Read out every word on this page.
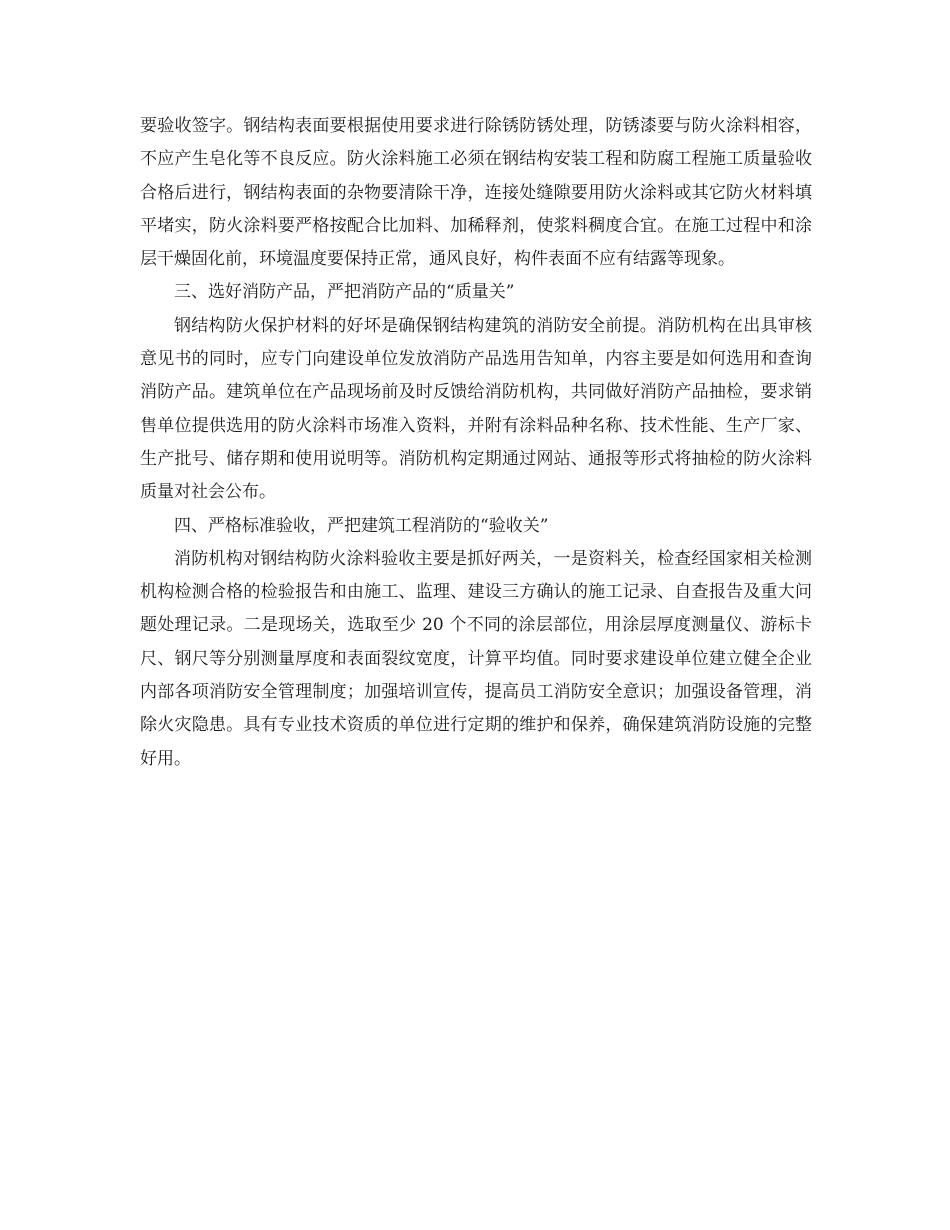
要验收签字。钢结构表面要根据使用要求进行除锈防锈处理，防锈漆要与防火涂料相容，不应产生皂化等不良反应。防火涂料施工必须在钢结构安装工程和防腐工程施工质量验收合格后进行，钢结构表面的杂物要清除干净，连接处缝隙要用防火涂料或其它防火材料填平堵实，防火涂料要严格按配合比加料、加稀释剂，使浆料稠度合宜。在施工过程中和涂层干燥固化前，环境温度要保持正常，通风良好，构件表面不应有结露等现象。

三、选好消防产品，严把消防产品的“质量关”

钢结构防火保护材料的好坏是确保钢结构建筑的消防安全前提。消防机构在出具审核意见书的同时，应专门向建设单位发放消防产品选用告知单，内容主要是如何选用和查询消防产品。建筑单位在产品现场前及时反馈给消防机构，共同做好消防产品抽检，要求销售单位提供选用的防火涂料市场准入资料，并附有涂料品种名称、技术性能、生产厂家、生产批号、储存期和使用说明等。消防机构定期通过网站、通报等形式将抽检的防火涂料质量对社会公布。

四、严格标准验收，严把建筑工程消防的“验收关”

消防机构对钢结构防火涂料验收主要是抓好两关，一是资料关，检查经国家相关检测机构检测合格的检验报告和由施工、监理、建设三方确认的施工记录、自查报告及重大问题处理记录。二是现场关，选取至少 20 个不同的涂层部位，用涂层厚度测量仪、游标卡尺、钢尺等分别测量厚度和表面裂纹宽度，计算平均值。同时要求建设单位建立健全企业内部各项消防安全管理制度；加强培训宣传，提高员工消防安全意识；加强设备管理，消除火灾隐患。具有专业技术资质的单位进行定期的维护和保养，确保建筑消防设施的完整好用。
